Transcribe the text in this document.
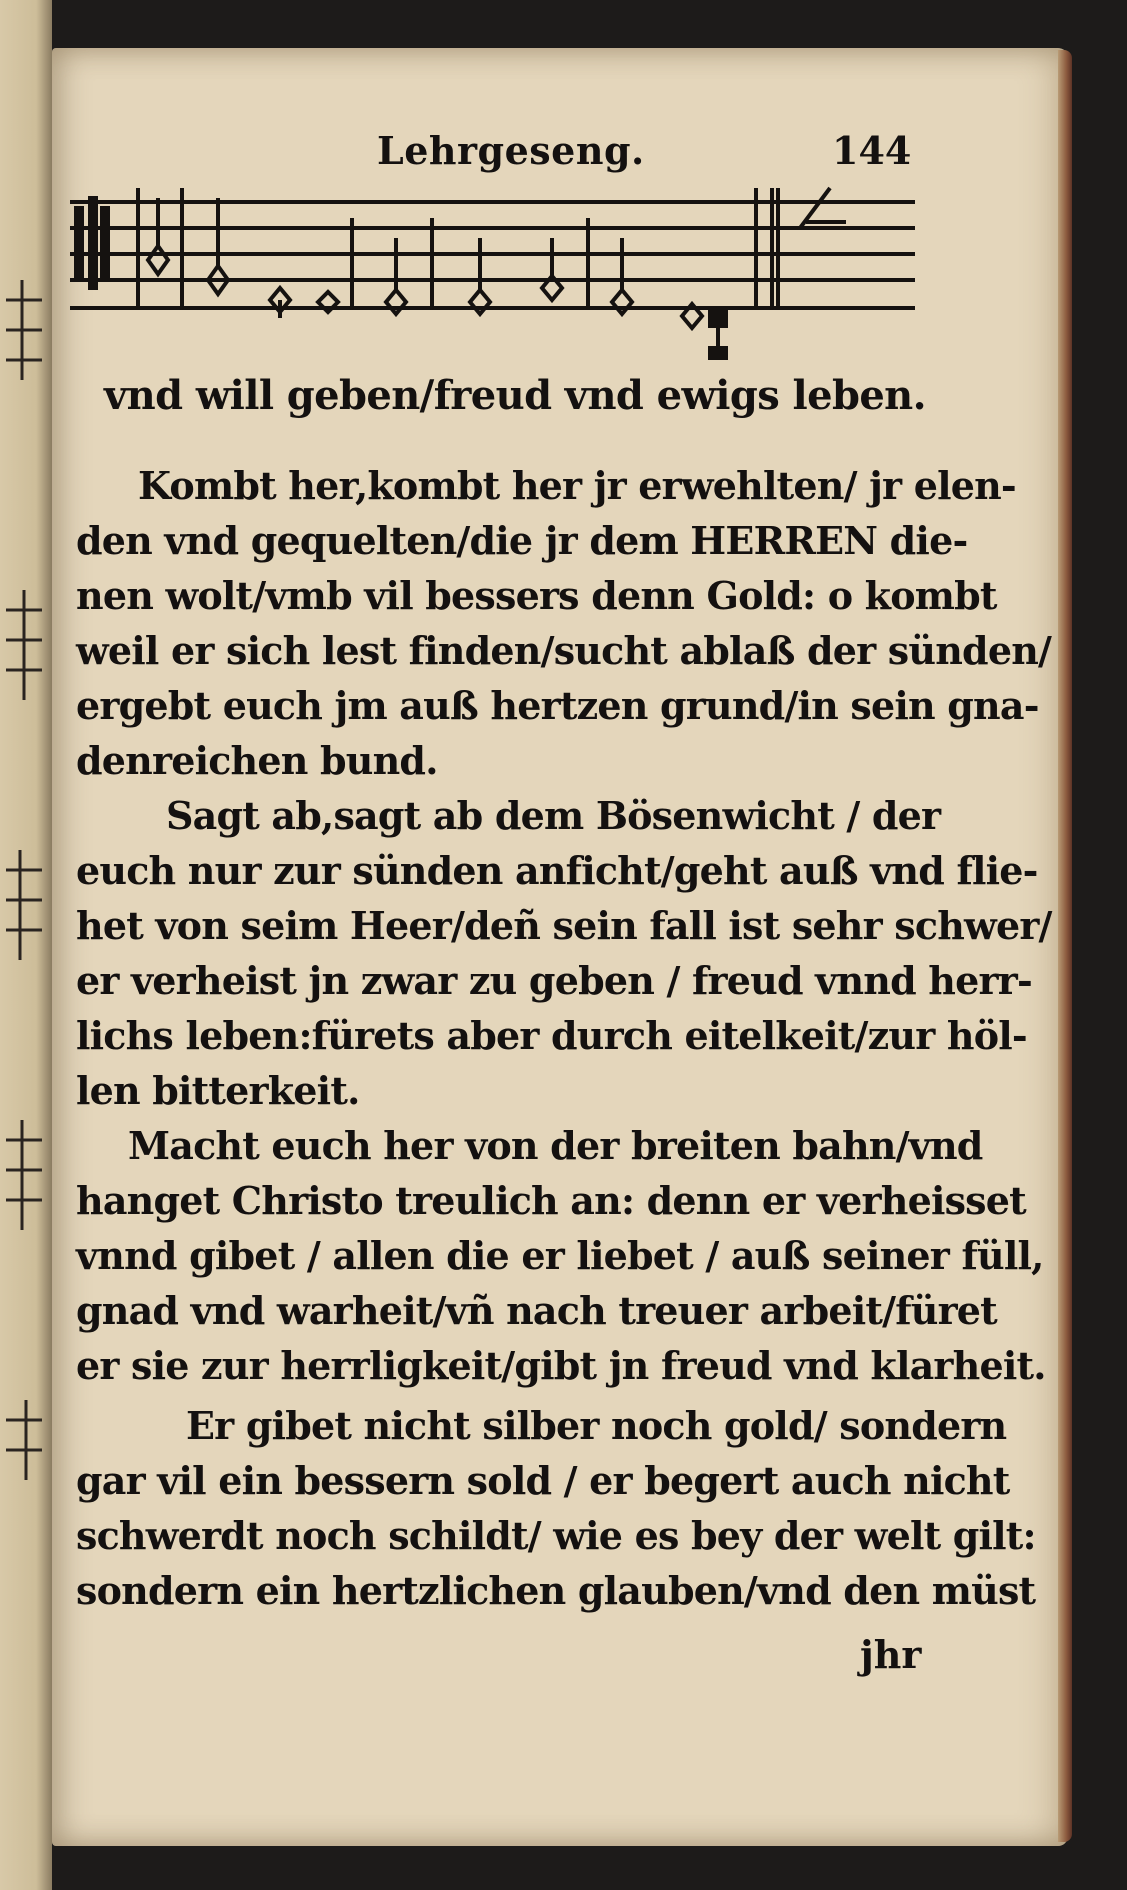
Lehrgeseng.	144
vnd will geben/freud vnd ewigs leben.
Kombt her,kombt her jr erwehlten/ jr elen-
den vnd gequelten/die jr dem HERREN die-
nen wolt/vmb vil bessers denn Gold: o kombt
weil er sich lest finden/sucht ablaß der sünden/
ergebt euch jm auß hertzen grund/in sein gna-
denreichen bund.
Sagt ab,sagt ab dem Bösenwicht / der
euch nur zur sünden anficht/geht auß vnd flie-
het von seim Heer/deñ sein fall ist sehr schwer/
er verheist jn zwar zu geben / freud vnnd herr-
lichs leben:fürets aber durch eitelkeit/zur höl-
len bitterkeit.
Macht euch her von der breiten bahn/vnd
hanget Christo treulich an: denn er verheisset
vnnd gibet / allen die er liebet / auß seiner füll,
gnad vnd warheit/vñ nach treuer arbeit/füret
er sie zur herrligkeit/gibt jn freud vnd klarheit.
Er gibet nicht silber noch gold/ sondern
gar vil ein bessern sold / er begert auch nicht
schwerdt noch schildt/ wie es bey der welt gilt:
sondern ein hertzlichen glauben/vnd den müst
jhr
